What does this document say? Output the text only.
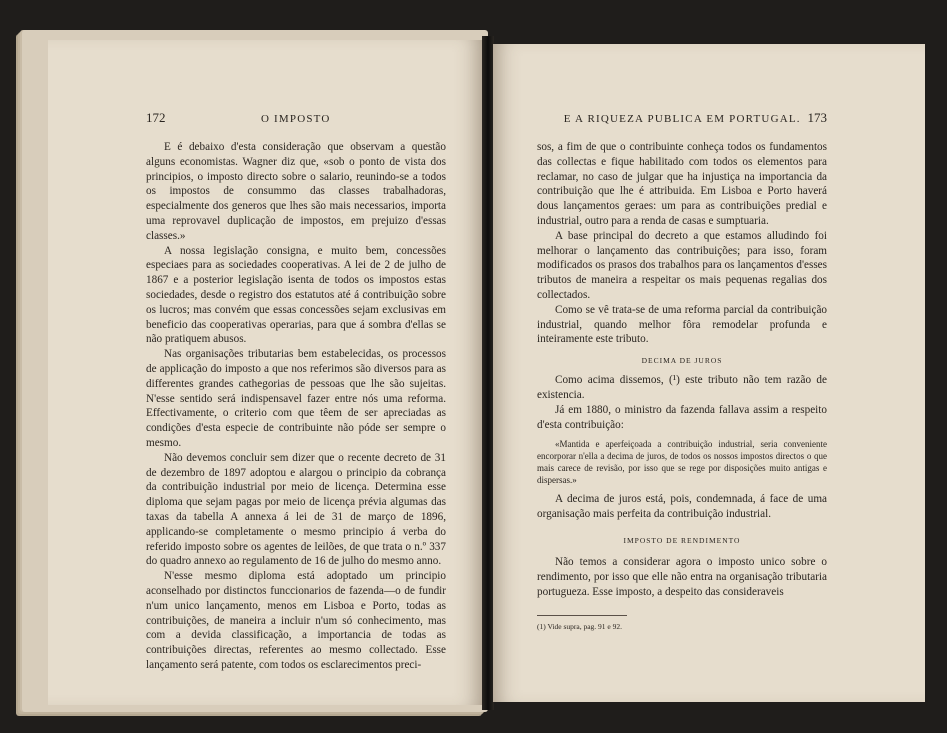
172	O IMPOSTO

E é debaixo d'esta consideração que observam a questão alguns economistas. Wagner diz que, «sob o ponto de vista dos principios, o imposto directo sobre o salario, reunindo-se a todos os impostos de consummo das classes trabalhadoras, especialmente dos generos que lhes são mais necessarios, importa uma reprovavel duplicação de impostos, em prejuizo d'essas classes.»

A nossa legislação consigna, e muito bem, concessões especiaes para as sociedades cooperativas. A lei de 2 de julho de 1867 e a posterior legislação isenta de todos os impostos estas sociedades, desde o registro dos estatutos até á contribuição sobre os lucros; mas convém que essas concessões sejam exclusivas em beneficio das cooperativas operarias, para que á sombra d'ellas se não pratiquem abusos.

Nas organisações tributarias bem estabelecidas, os processos de applicação do imposto a que nos referimos são diversos para as differentes grandes cathegorias de pessoas que lhe são sujeitas. N'esse sentido será indispensavel fazer entre nós uma reforma. Effectivamente, o criterio com que têem de ser apreciadas as condições d'esta especie de contribuinte não póde ser sempre o mesmo.

Não devemos concluir sem dizer que o recente decreto de 31 de dezembro de 1897 adoptou e alargou o principio da cobrança da contribuição industrial por meio de licença. Determina esse diploma que sejam pagas por meio de licença prévia algumas das taxas da tabella A annexa á lei de 31 de março de 1896, applicando-se completamente o mesmo principio á verba do referido imposto sobre os agentes de leilões, de que trata o n.º 337 do quadro annexo ao regulamento de 16 de julho do mesmo anno.

N'esse mesmo diploma está adoptado um principio aconselhado por distinctos funccionarios de fazenda—o de fundir n'um unico lançamento, menos em Lisboa e Porto, todas as contribuições, de maneira a incluir n'um só conhecimento, mas com a devida classificação, a importancia de todas as contribuições directas, referentes ao mesmo collectado. Esse lançamento será patente, com todos os esclarecimentos preci-

E A RIQUEZA PUBLICA EM PORTUGAL. 173

sos, a fim de que o contribuinte conheça todos os fundamentos das collectas e fique habilitado com todos os elementos para reclamar, no caso de julgar que ha injustiça na importancia da contribuição que lhe é attribuida. Em Lisboa e Porto haverá dous lançamentos geraes: um para as contribuições predial e industrial, outro para a renda de casas e sumptuaria.

A base principal do decreto a que estamos alludindo foi melhorar o lançamento das contribuições; para isso, foram modificados os prasos dos trabalhos para os lançamentos d'esses tributos de maneira a respeitar os mais pequenas regalias dos collectados.

Como se vê trata-se de uma reforma parcial da contribuição industrial, quando melhor fôra remodelar profunda e inteiramente este tributo.

DECIMA DE JUROS

Como acima dissemos, (¹) este tributo não tem razão de existencia.

Já em 1880, o ministro da fazenda fallava assim a respeito d'esta contribuição:

«Mantida e aperfeiçoada a contribuição industrial, seria conveniente encorporar n'ella a decima de juros, de todos os nossos impostos directos o que mais carece de revisão, por isso que se rege por disposições muito antigas e dispersas.»

A decima de juros está, pois, condemnada, á face de uma organisação mais perfeita da contribuição industrial.

IMPOSTO DE RENDIMENTO

Não temos a considerar agora o imposto unico sobre o rendimento, por isso que elle não entra na organisação tributaria portugueza. Esse imposto, a despeito das consideraveis

(1) Vide supra, pag. 91 e 92.
